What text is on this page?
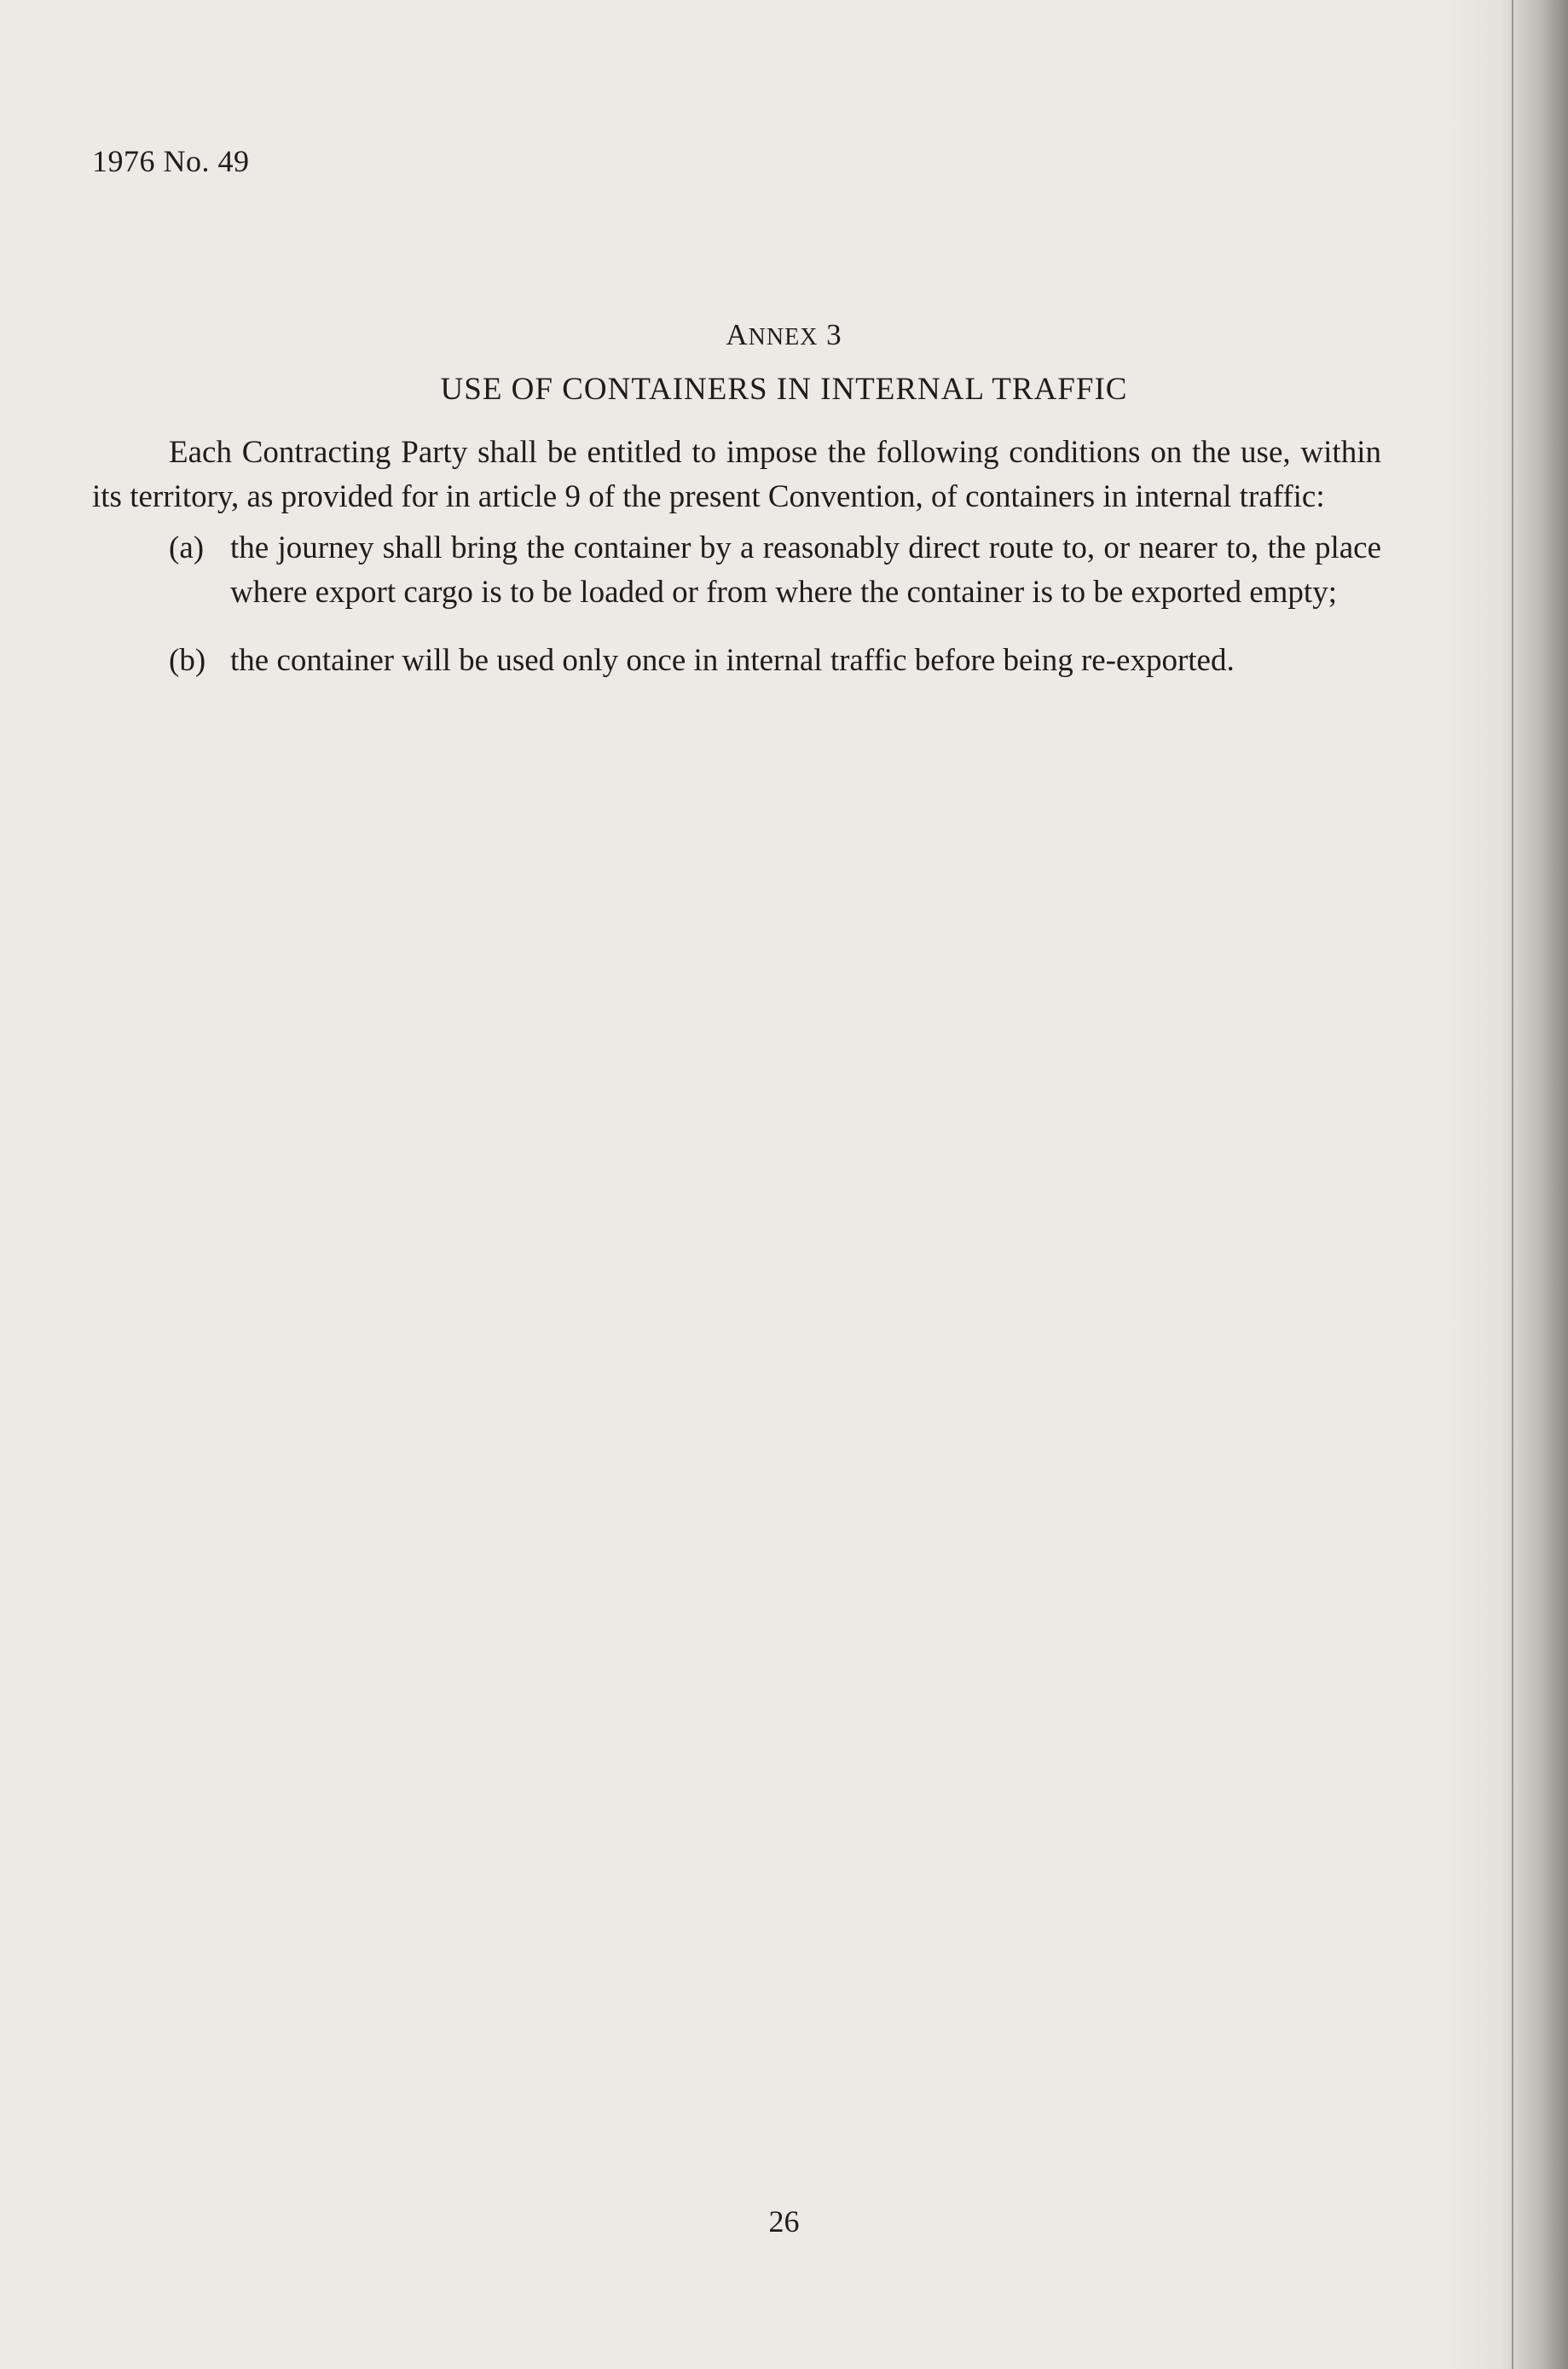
1976 No. 49
ANNEX 3
USE OF CONTAINERS IN INTERNAL TRAFFIC

Each Contracting Party shall be entitled to impose the following conditions on the use, within its territory, as provided for in article 9 of the present Convention, of containers in internal traffic:

(a) the journey shall bring the container by a reasonably direct route to, or nearer to, the place where export cargo is to be loaded or from where the container is to be exported empty;
(b) the container will be used only once in internal traffic before being re-exported.
26
